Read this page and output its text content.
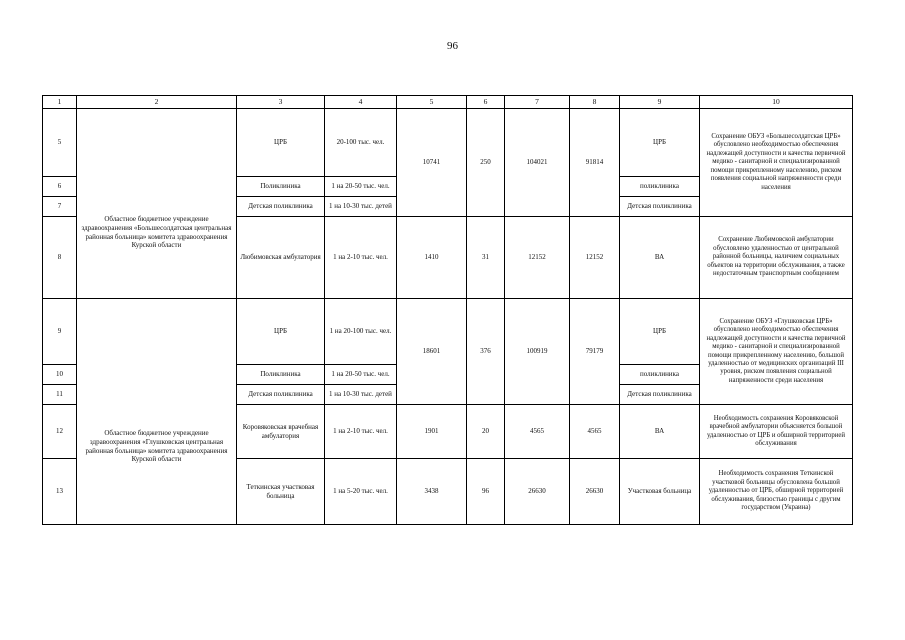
96
1	2	3	4	5	6	7	8	9	10
5	Областное бюджетное учреждение здравоохранения «Большесолдатская центральная районная больница» комитета здравоохранения Курской области	ЦРБ	20-100 тыс. чел.	10741	250	104021	91814	ЦРБ	Сохранение ОБУЗ «Большесолдатская ЦРБ» обусловлено необходимостью обеспечения надлежащей доступности и качества первичной медико - санитарной и специализированной помощи прикрепленному населению, риском появления социальной напряженности среди населения
6		Поликлиника	1 на 20-50 тыс. чел.					поликлиника	
7		Детская поликлиника	1 на 10-30 тыс. детей					Детская поликлиника	
8		Любимовская амбулатория	1 на 2-10 тыс. чел.	1410	31	12152	12152	ВА	Сохранение Любимовской амбулатории обусловлено удаленностью от центральной районной больницы, наличием социальных объектов на территории обслуживания, а также недостаточным транспортным сообщением
9	Областное бюджетное учреждение здравоохранения «Глушковская центральная районная больница» комитета здравоохранения Курской области	ЦРБ	1 на 20-100 тыс. чел.	18601	376	100919	79179	ЦРБ	Сохранение ОБУЗ «Глушковская ЦРБ» обусловлено необходимостью обеспечения надлежащей доступности и качества первичной медико - санитарной и специализированной помощи прикрепленному населению, большой удаленностью от медицинских организаций III уровня, риском появления социальной напряженности среди населения
10		Поликлиника	1 на 20-50 тыс. чел.					поликлиника	
11		Детская поликлиника	1 на 10-30 тыс. детей					Детская поликлиника	
12		Коровяковская врачебная амбулатория	1 на 2-10 тыс. чел.	1901	20	4565	4565	ВА	Необходимость сохранения Коровяковской врачебной амбулатории объясняется большой удаленностью от ЦРБ и обширной территорией обслуживания
13		Теткинская участковая больница	1 на 5-20 тыс. чел.	3438	96	26630	26630	Участковая больница	Необходимость сохранения Теткинской участковой больницы обусловлена большой удаленностью от ЦРБ, обширной территорией обслуживания, близостью границы с другим государством (Украина)
